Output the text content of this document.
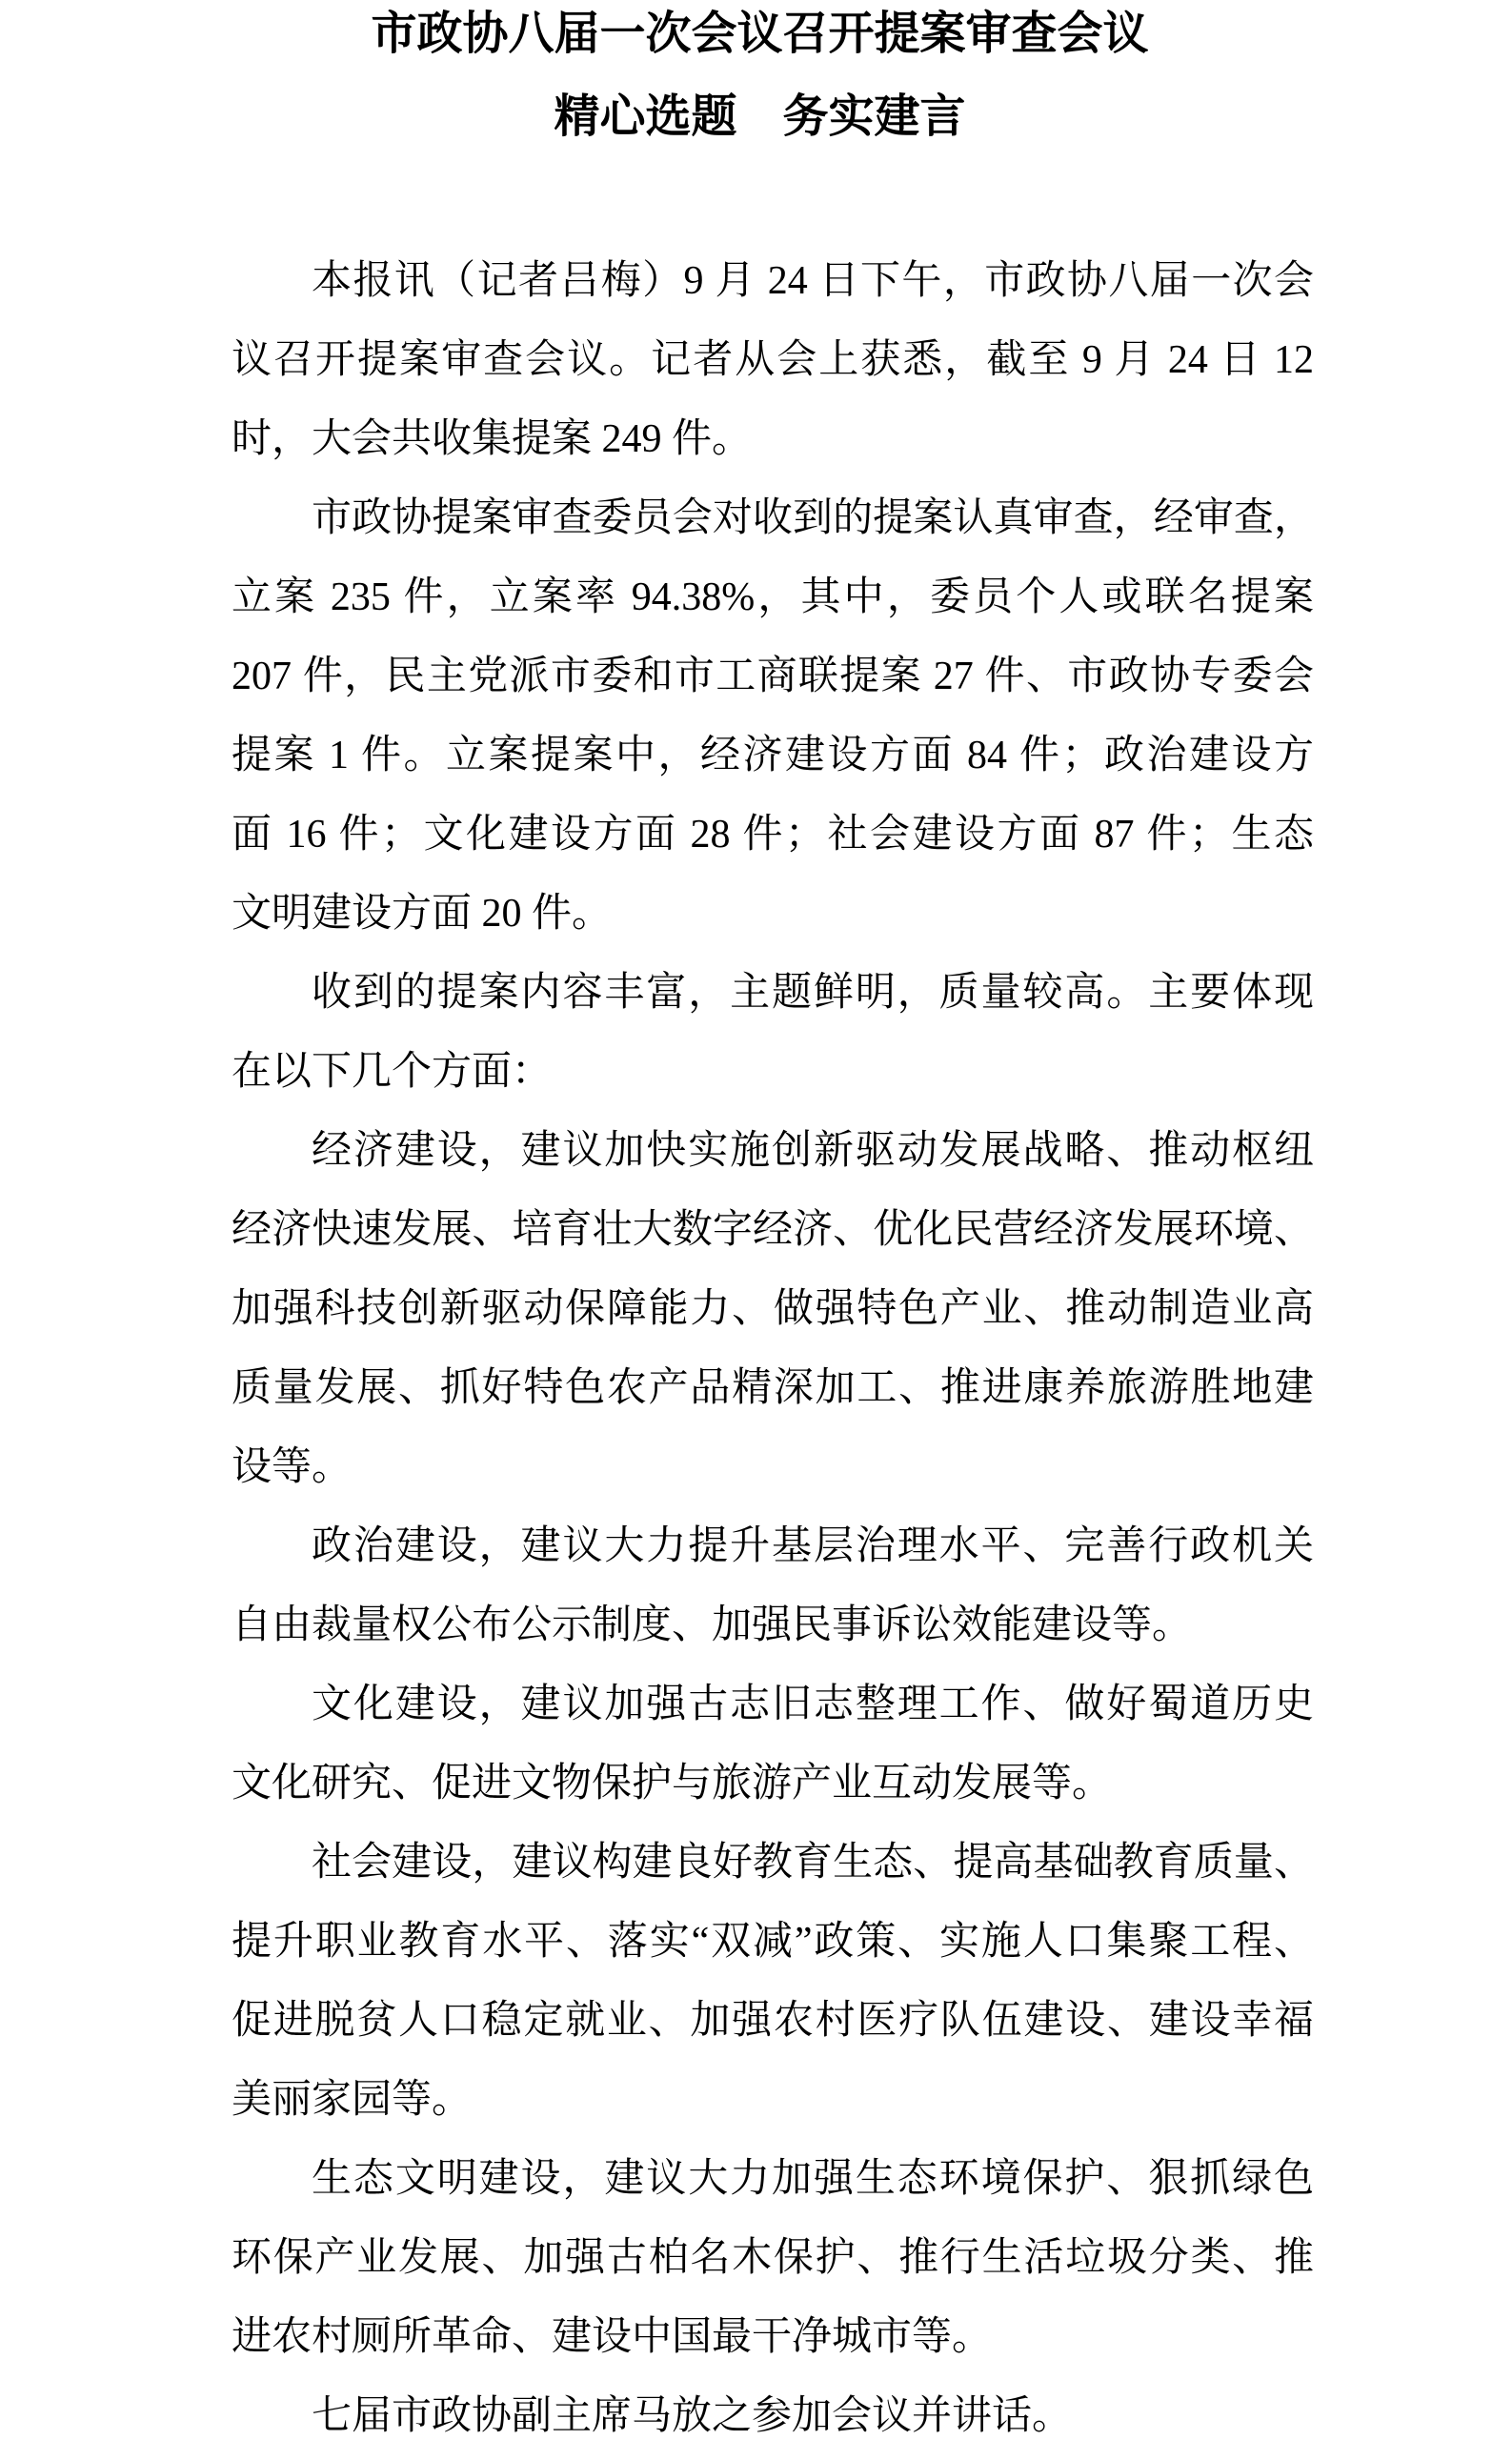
市政协八届一次会议召开提案审查会议
精心选题　务实建言
本报讯（记者吕梅）9 月 24 日下午，市政协八届一次会
议召开提案审查会议。记者从会上获悉，截至 9 月 24 日 12
时，大会共收集提案 249 件。
市政协提案审查委员会对收到的提案认真审查，经审查，
立案 235 件，立案率 94.38%，其中，委员个人或联名提案
207 件，民主党派市委和市工商联提案 27 件、市政协专委会
提案 1 件。立案提案中，经济建设方面 84 件；政治建设方
面 16 件；文化建设方面 28 件；社会建设方面 87 件；生态
文明建设方面 20 件。
收到的提案内容丰富，主题鲜明，质量较高。主要体现
在以下几个方面：
经济建设，建议加快实施创新驱动发展战略、推动枢纽
经济快速发展、培育壮大数字经济、优化民营经济发展环境、
加强科技创新驱动保障能力、做强特色产业、推动制造业高
质量发展、抓好特色农产品精深加工、推进康养旅游胜地建
设等。
政治建设，建议大力提升基层治理水平、完善行政机关
自由裁量权公布公示制度、加强民事诉讼效能建设等。
文化建设，建议加强古志旧志整理工作、做好蜀道历史
文化研究、促进文物保护与旅游产业互动发展等。
社会建设，建议构建良好教育生态、提高基础教育质量、
提升职业教育水平、落实“双减”政策、实施人口集聚工程、
促进脱贫人口稳定就业、加强农村医疗队伍建设、建设幸福
美丽家园等。
生态文明建设，建议大力加强生态环境保护、狠抓绿色
环保产业发展、加强古柏名木保护、推行生活垃圾分类、推
进农村厕所革命、建设中国最干净城市等。
七届市政协副主席马放之参加会议并讲话。
